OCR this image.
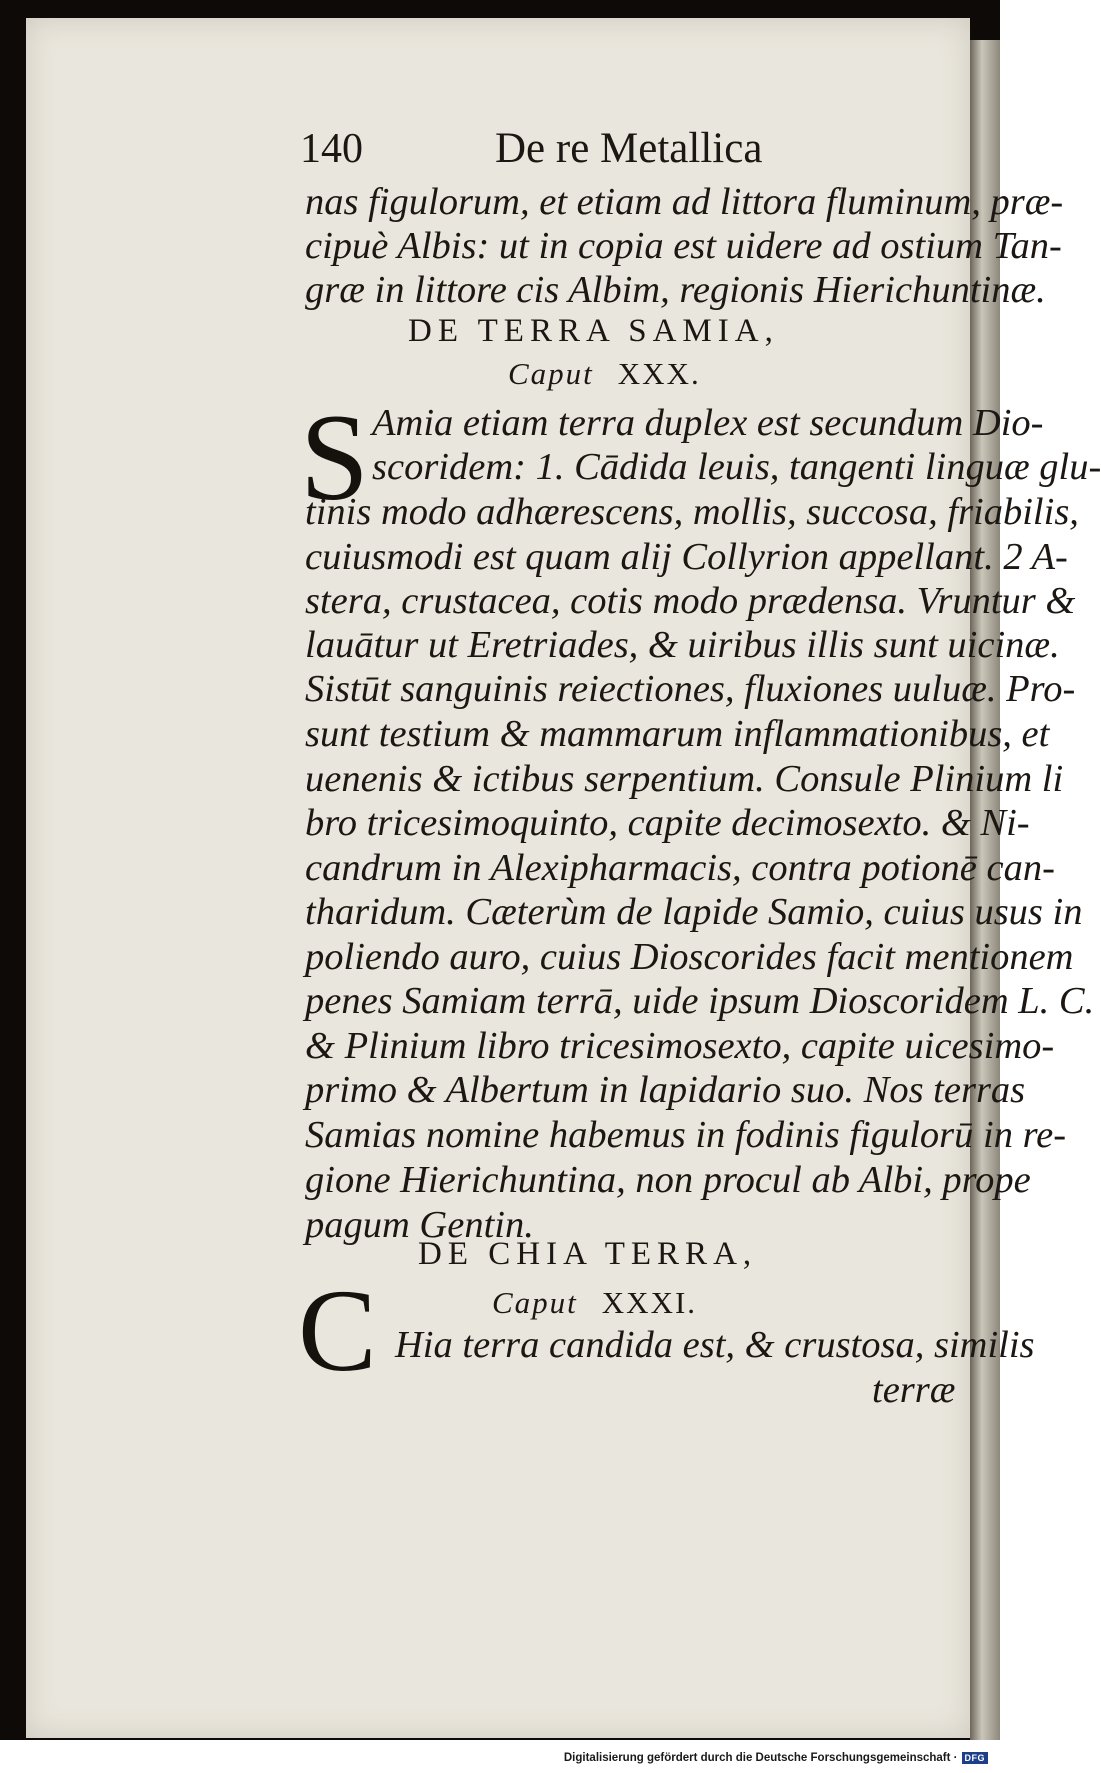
140	De re Metallica
nas figulorum, et etiam ad littora fluminum, præ-
cipuè Albis: ut in copia est uidere ad ostium Tan-
græ in littore cis Albim, regionis Hierichuntinæ.
DE TERRA SAMIA,
Caput XXX.
S Amia etiam terra duplex est secundum Dio-
scoridem: 1. Cādida leuis, tangenti linguæ glu-
tinis modo adhærescens, mollis, succosa, friabilis,
cuiusmodi est quam alij Collyrion appellant. 2 A-
stera, crustacea, cotis modo prædensa. Vruntur &
lauātur ut Eretriades, & uiribus illis sunt uicinæ.
Sistūt sanguinis reiectiones, fluxiones uuluæ. Pro-
sunt testium & mammarum inflammationibus, et
uenenis & ictibus serpentium. Consule Plinium li
bro tricesimoquinto, capite decimosexto. & Ni-
candrum in Alexipharmacis, contra potionē can-
tharidum. Cæterùm de lapide Samio, cuius usus in
poliendo auro, cuius Dioscorides facit mentionem
penes Samiam terrā, uide ipsum Dioscoridem L. C.
& Plinium libro tricesimosexto, capite uicesimo-
primo & Albertum in lapidario suo. Nos terras
Samias nomine habemus in fodinis figulorū in re-
gione Hierichuntina, non procul ab Albi, prope
pagum Gentin.
DE CHIA TERRA,
Caput XXXI.
C Hia terra candida est, & crustosa, similis
terræ
Digitalisierung gefördert durch die Deutsche Forschungsgemeinschaft · DFG
